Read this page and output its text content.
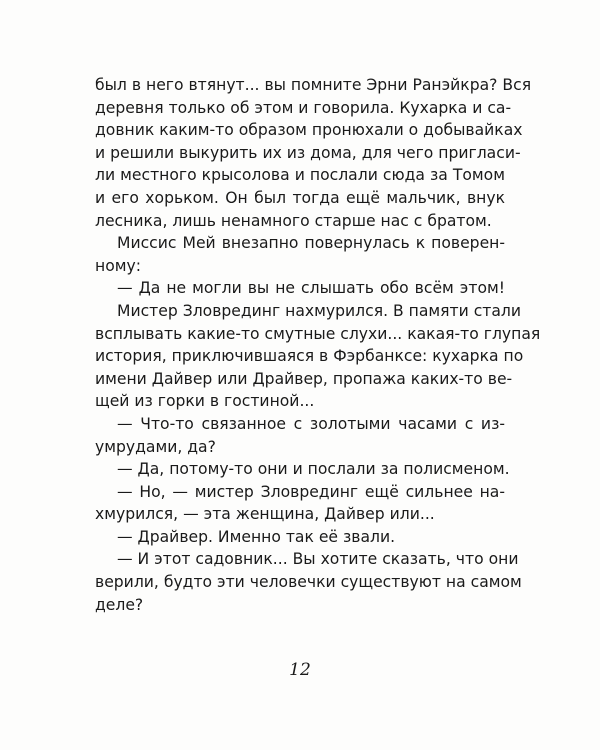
был в него втянут... вы помните Эрни Ранэйкра? Вся
деревня только об этом и говорила. Кухарка и са-
довник каким-то образом пронюхали о добывайках
и решили выкурить их из дома, для чего пригласи-
ли местного крысолова и послали сюда за Томом
и его хорьком. Он был тогда ещё мальчик, внук
лесника, лишь ненамного старше нас с братом.
Миссис Мей внезапно повернулась к поверен-
ному:
— Да не могли вы не слышать обо всём этом!
Мистер Зловрединг нахмурился. В памяти стали
всплывать какие-то смутные слухи... какая-то глупая
история, приключившаяся в Фэрбанксе: кухарка по
имени Дайвер или Драйвер, пропажа каких-то ве-
щей из горки в гостиной...
— Что-то связанное с золотыми часами с из-
умрудами, да?
— Да, потому-то они и послали за полисменом.
— Но, — мистер Зловрединг ещё сильнее на-
хмурился, — эта женщина, Дайвер или...
— Драйвер. Именно так её звали.
— И этот садовник... Вы хотите сказать, что они
верили, будто эти человечки существуют на самом
деле?
12
